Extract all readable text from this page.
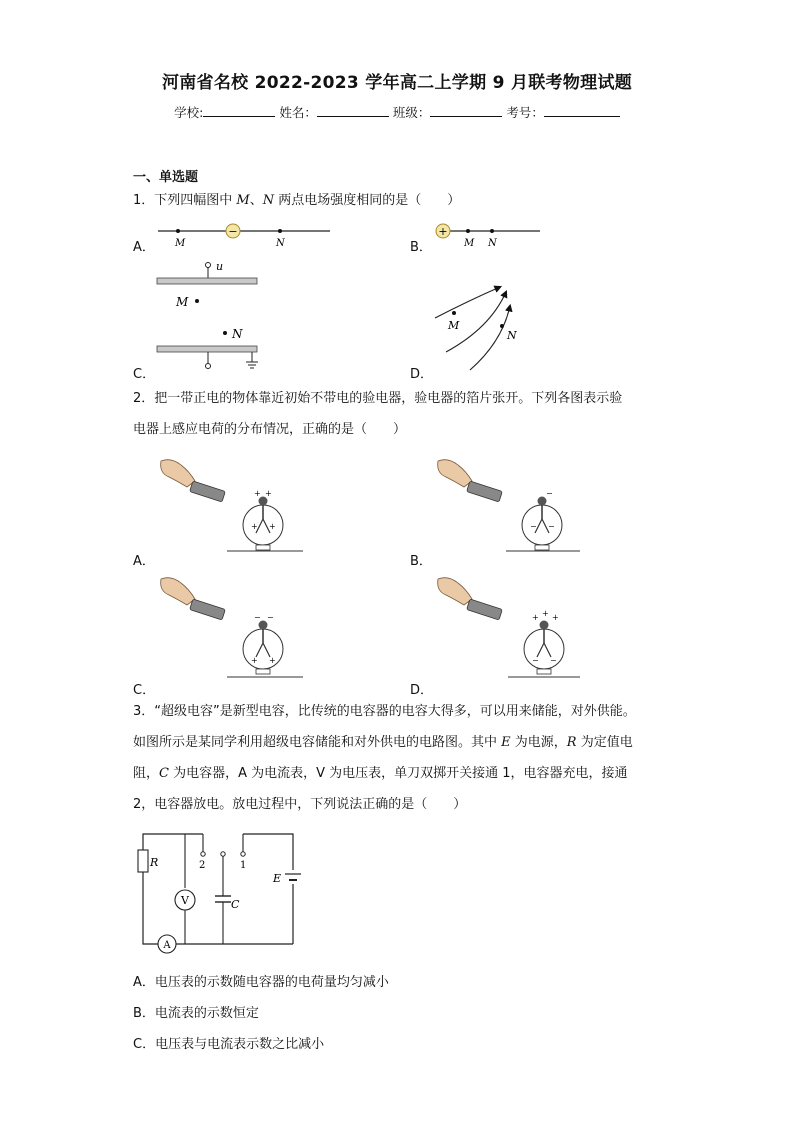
河南省名校 2022-2023 学年高二上学期 9 月联考物理试题
学校:	姓名：	班级：	考号：
一、单选题
1．下列四幅图中 M、N 两点电场强度相同的是（　　）
A．
−
M	N	B．
+
M N
C．
u
M
N
D．
M
N
2．把一带正电的物体靠近初始不带电的验电器，验电器的箔片张开。下列各图表示验
电器上感应电荷的分布情况，正确的是（　　）
A．	B．
C．	D．
+ +
+ +
−
− −
− −
+ +
+ + +
− −
3．“超级电容”是新型电容，比传统的电容器的电容大得多，可以用来储能，对外供能。
如图所示是某同学利用超级电容储能和对外供电的电路图。其中 E 为电源，R 为定值电
阻，C 为电容器，A 为电流表，V 为电压表，单刀双掷开关接通 1，电容器充电，接通
2，电容器放电。放电过程中，下列说法正确的是（　　）
R
V
A
2	1
C
E
A．电压表的示数随电容器的电荷量均匀减小
B．电流表的示数恒定
C．电压表与电流表示数之比减小
